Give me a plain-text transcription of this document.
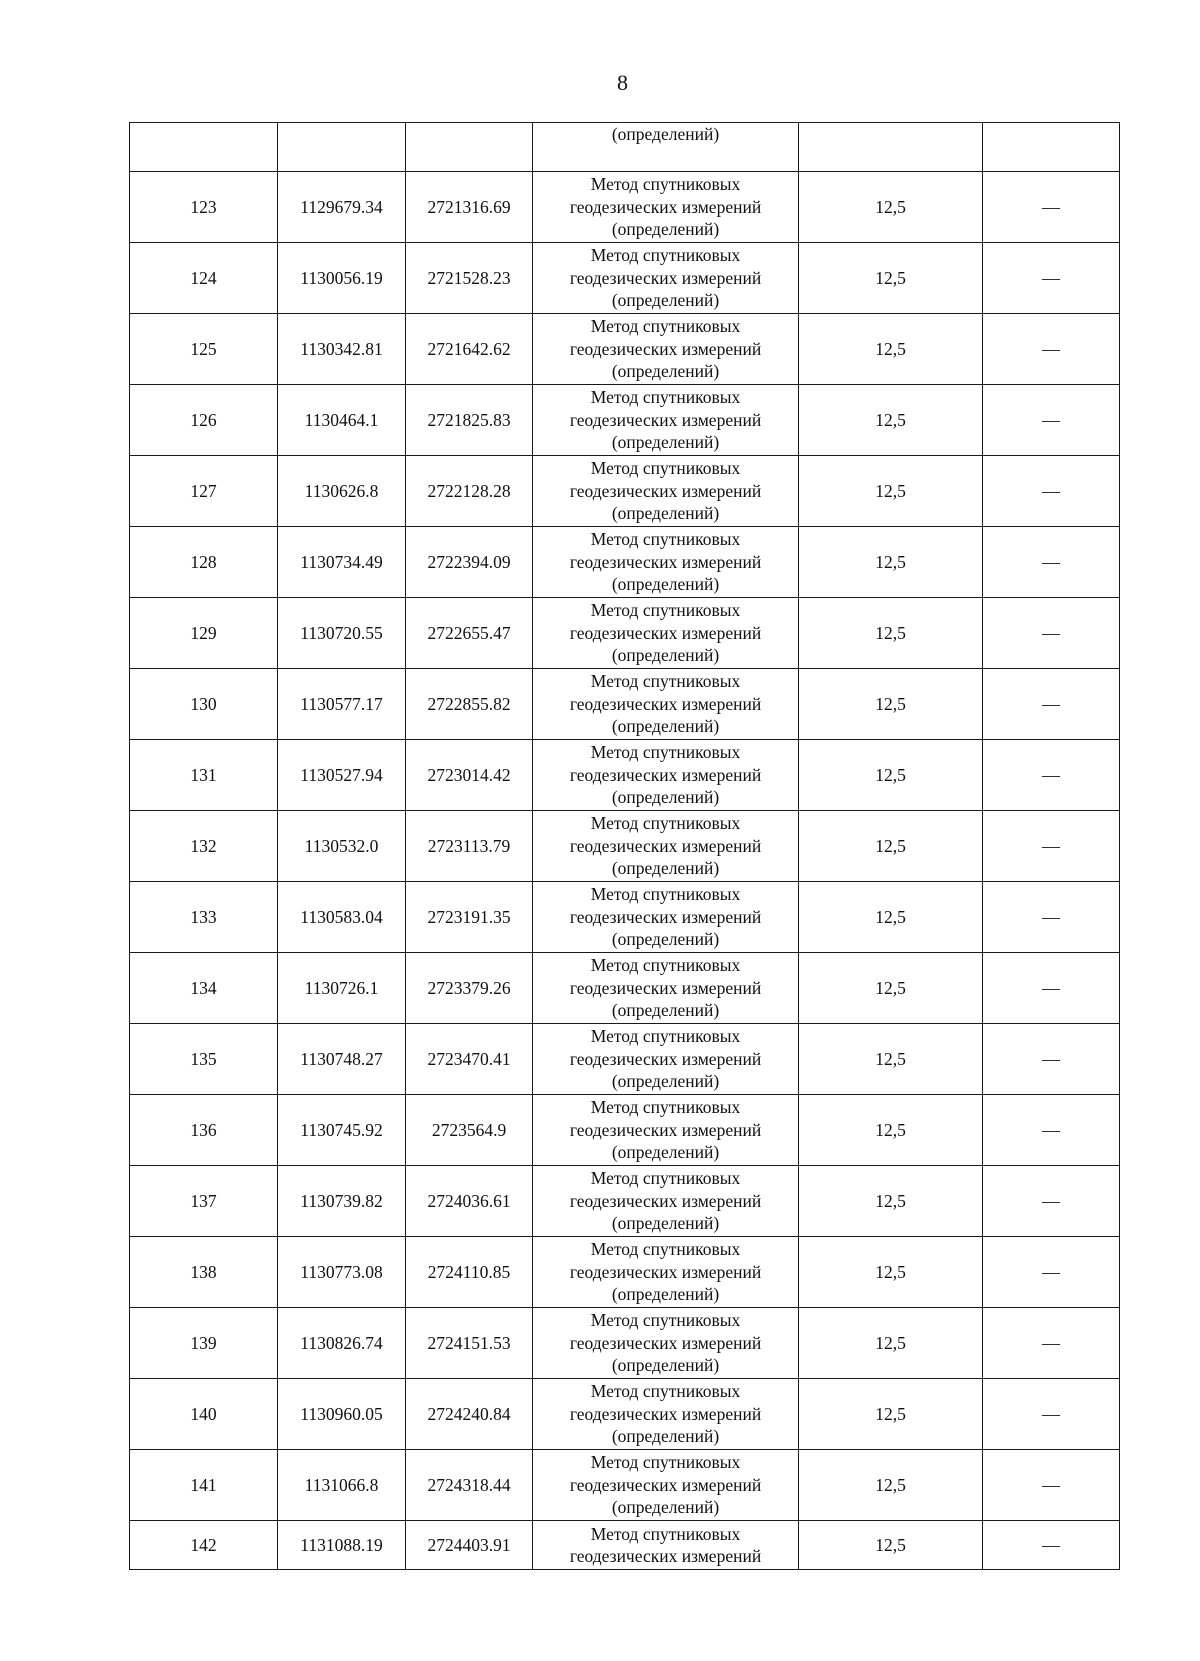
8
			(определений)		
123	1129679.34	2721316.69	Метод спутниковых
геодезических измерений
(определений)	12,5	—
124	1130056.19	2721528.23	Метод спутниковых
геодезических измерений
(определений)	12,5	—
125	1130342.81	2721642.62	Метод спутниковых
геодезических измерений
(определений)	12,5	—
126	1130464.1	2721825.83	Метод спутниковых
геодезических измерений
(определений)	12,5	—
127	1130626.8	2722128.28	Метод спутниковых
геодезических измерений
(определений)	12,5	—
128	1130734.49	2722394.09	Метод спутниковых
геодезических измерений
(определений)	12,5	—
129	1130720.55	2722655.47	Метод спутниковых
геодезических измерений
(определений)	12,5	—
130	1130577.17	2722855.82	Метод спутниковых
геодезических измерений
(определений)	12,5	—
131	1130527.94	2723014.42	Метод спутниковых
геодезических измерений
(определений)	12,5	—
132	1130532.0	2723113.79	Метод спутниковых
геодезических измерений
(определений)	12,5	—
133	1130583.04	2723191.35	Метод спутниковых
геодезических измерений
(определений)	12,5	—
134	1130726.1	2723379.26	Метод спутниковых
геодезических измерений
(определений)	12,5	—
135	1130748.27	2723470.41	Метод спутниковых
геодезических измерений
(определений)	12,5	—
136	1130745.92	2723564.9	Метод спутниковых
геодезических измерений
(определений)	12,5	—
137	1130739.82	2724036.61	Метод спутниковых
геодезических измерений
(определений)	12,5	—
138	1130773.08	2724110.85	Метод спутниковых
геодезических измерений
(определений)	12,5	—
139	1130826.74	2724151.53	Метод спутниковых
геодезических измерений
(определений)	12,5	—
140	1130960.05	2724240.84	Метод спутниковых
геодезических измерений
(определений)	12,5	—
141	1131066.8	2724318.44	Метод спутниковых
геодезических измерений
(определений)	12,5	—
142	1131088.19	2724403.91	Метод спутниковых
геодезических измерений	12,5	—
